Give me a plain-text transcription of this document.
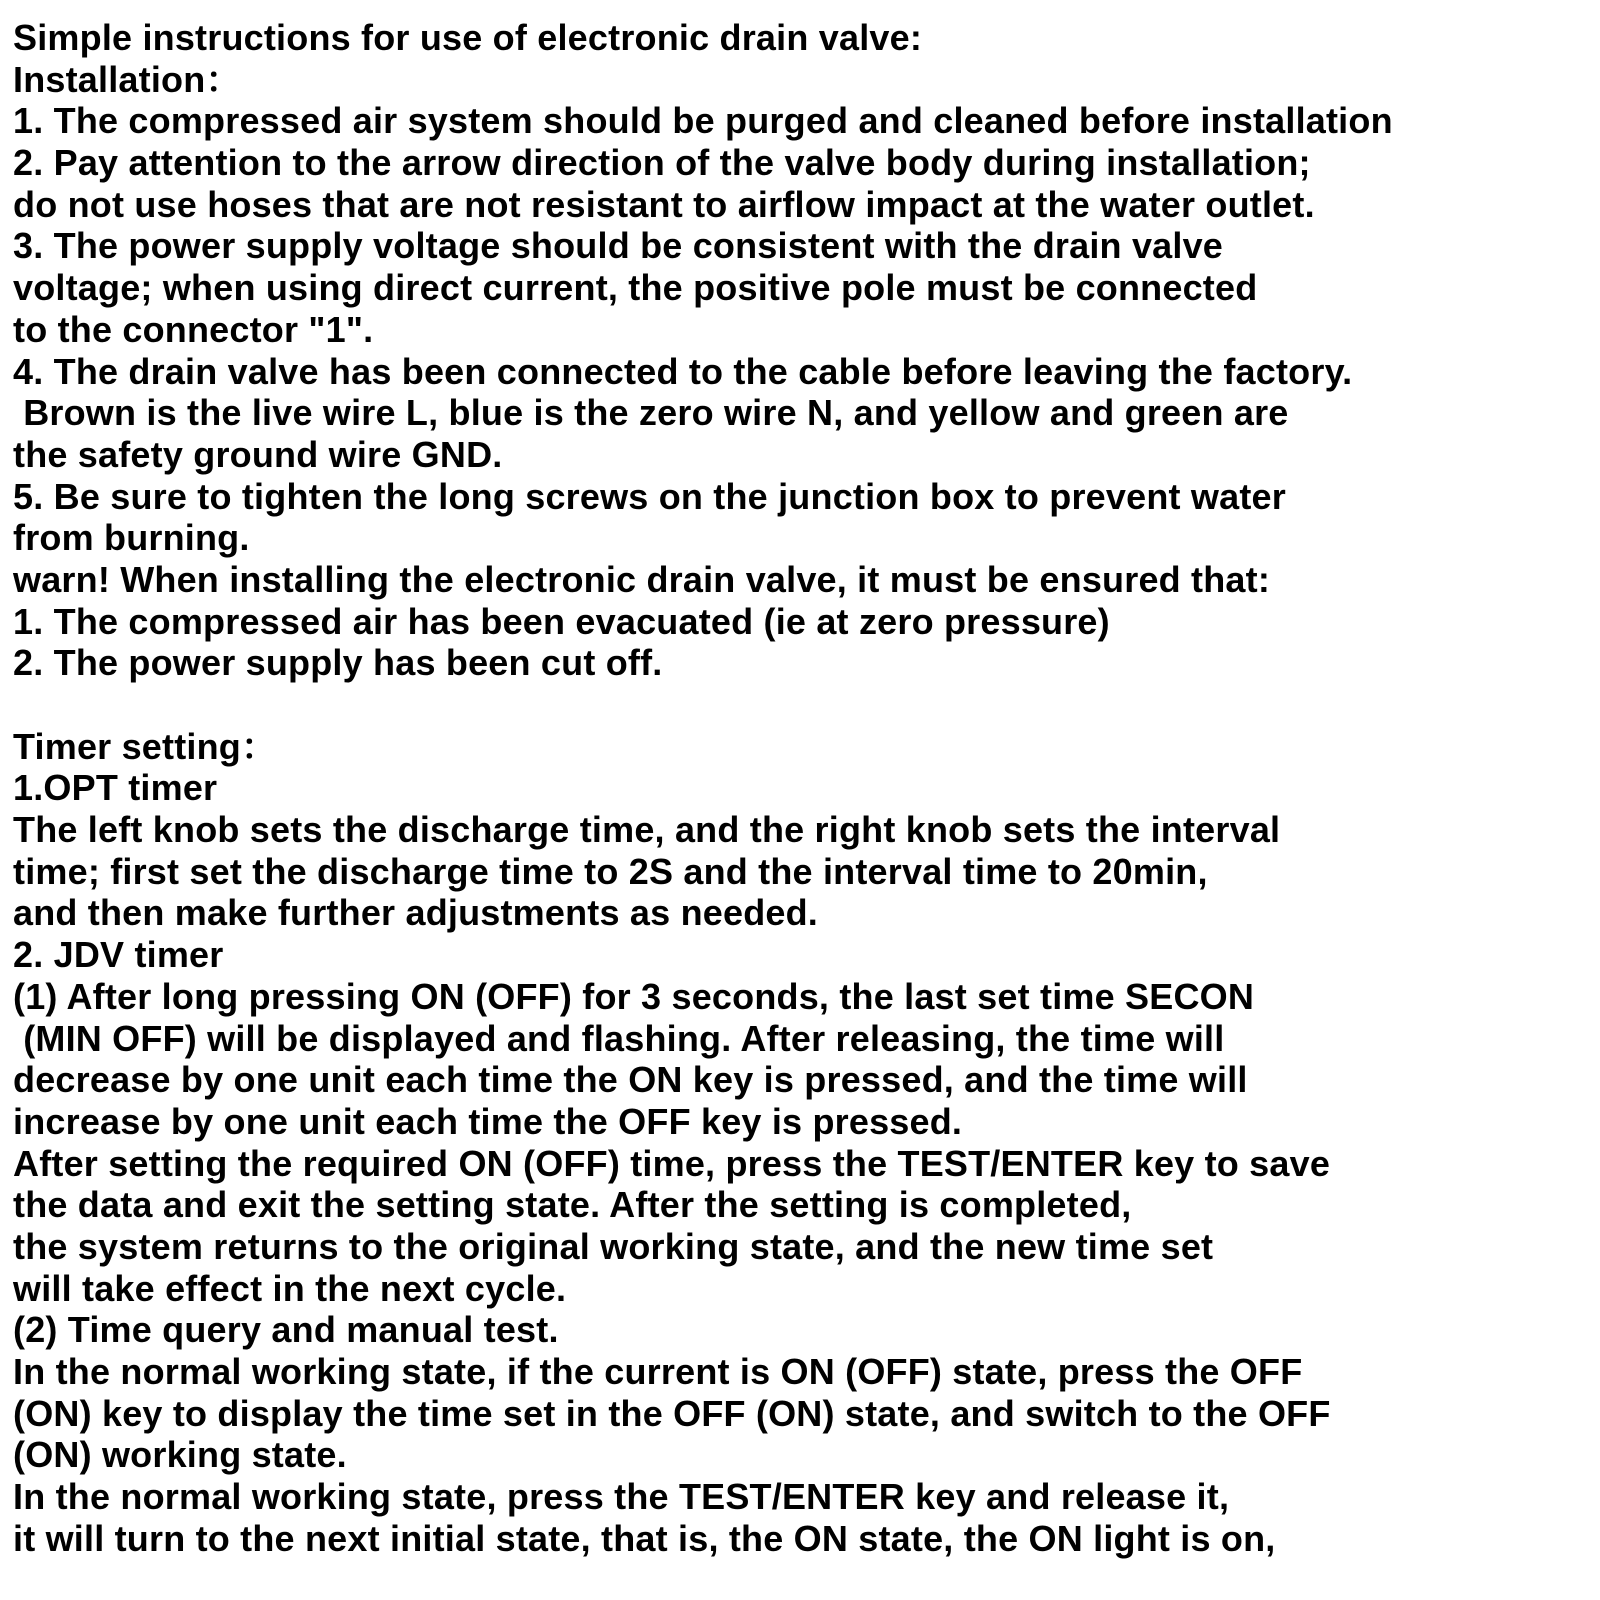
Simple instructions for use of electronic drain valve:
Installation：
1. The compressed air system should be purged and cleaned before installation
2. Pay attention to the arrow direction of the valve body during installation;
do not use hoses that are not resistant to airflow impact at the water outlet.
3. The power supply voltage should be consistent with the drain valve
voltage; when using direct current, the positive pole must be connected
to the connector "1".
4. The drain valve has been connected to the cable before leaving the factory.
Brown is the live wire L, blue is the zero wire N, and yellow and green are
the safety ground wire GND.
5. Be sure to tighten the long screws on the junction box to prevent water
from burning.
warn! When installing the electronic drain valve, it must be ensured that:
1. The compressed air has been evacuated (ie at zero pressure)
2. The power supply has been cut off.
Timer setting：
1.OPT timer
The left knob sets the discharge time, and the right knob sets the interval
time; first set the discharge time to 2S and the interval time to 20min,
and then make further adjustments as needed.
2. JDV timer
(1) After long pressing ON (OFF) for 3 seconds, the last set time SECON
(MIN OFF) will be displayed and flashing. After releasing, the time will
decrease by one unit each time the ON key is pressed, and the time will
increase by one unit each time the OFF key is pressed.
After setting the required ON (OFF) time, press the TEST/ENTER key to save
the data and exit the setting state. After the setting is completed,
the system returns to the original working state, and the new time set
will take effect in the next cycle.
(2) Time query and manual test.
In the normal working state, if the current is ON (OFF) state, press the OFF
(ON) key to display the time set in the OFF (ON) state, and switch to the OFF
(ON) working state.
In the normal working state, press the TEST/ENTER key and release it,
it will turn to the next initial state, that is, the ON state, the ON light is on,
